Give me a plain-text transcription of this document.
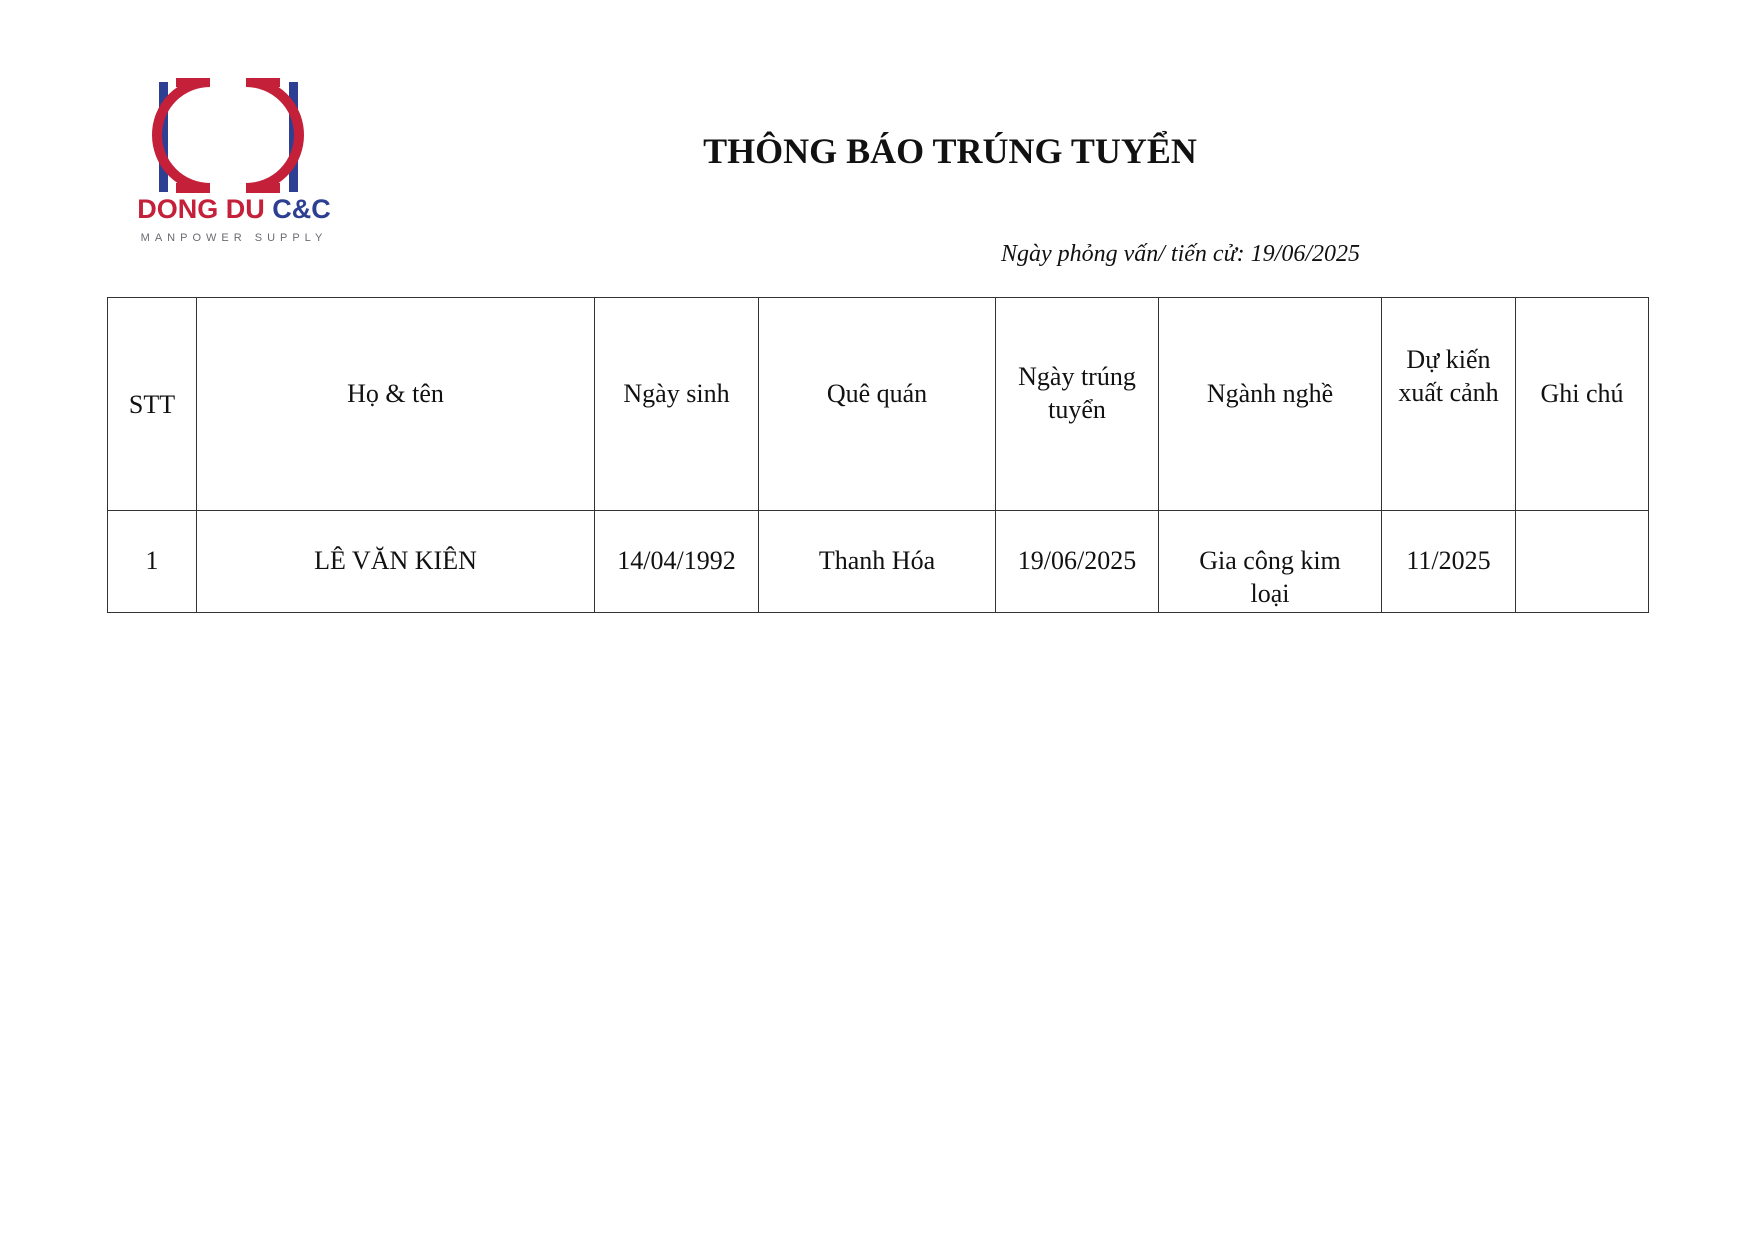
DONG DU C&C
MANPOWER SUPPLY
THÔNG BÁO TRÚNG TUYỂN
Ngày phỏng vấn/ tiến cử: 19/06/2025
STT	Họ & tên	Ngày sinh	Quê quán	Ngày trúng tuyển	Ngành nghề	Dự kiến xuất cảnh	Ghi chú
1	LÊ VĂN KIÊN	14/04/1992	Thanh Hóa	19/06/2025	Gia công kim loại	11/2025	
